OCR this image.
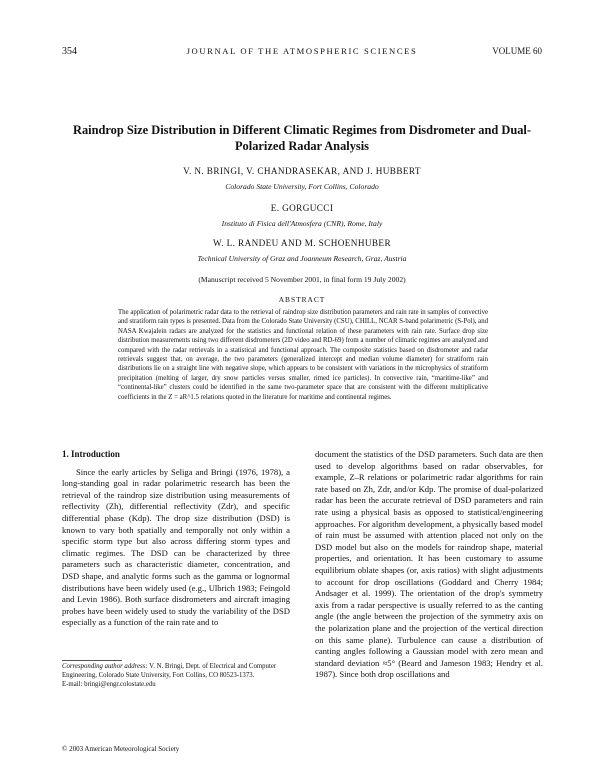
354	JOURNAL OF THE ATMOSPHERIC SCIENCES	VOLUME 60
Raindrop Size Distribution in Different Climatic Regimes from Disdrometer and Dual-Polarized Radar Analysis
V. N. BRINGI, V. CHANDRASEKAR, AND J. HUBBERT
Colorado State University, Fort Collins, Colorado
E. GORGUCCI
Instituto di Fisica dell'Atmosfera (CNR), Rome, Italy
W. L. RANDEU AND M. SCHOENHUBER
Technical University of Graz and Joanneum Research, Graz, Austria
(Manuscript received 5 November 2001, in final form 19 July 2002)
ABSTRACT
The application of polarimetric radar data to the retrieval of raindrop size distribution parameters and rain rate in samples of convective and stratiform rain types is presented. Data from the Colorado State University (CSU), CHILL, NCAR S-band polarimetric (S-Pol), and NASA Kwajalein radars are analyzed for the statistics and functional relation of these parameters with rain rate. Surface drop size distribution measurements using two different disdrometers (2D video and RD-69) from a number of climatic regimes are analyzed and compared with the radar retrievals in a statistical and functional approach. The composite statistics based on disdrometer and radar retrievals suggest that, on average, the two parameters (generalized intercept and median volume diameter) for stratiform rain distributions lie on a straight line with negative slope, which appears to be consistent with variations in the microphysics of stratiform precipitation (melting of larger, dry snow particles versus smaller, rimed ice particles). In convective rain, “maritime-like” and “continental-like” clusters could be identified in the same two-parameter space that are consistent with the different multiplicative coefficients in the Z = aR^1.5 relations quoted in the literature for maritime and continental regimes.
1. Introduction

Since the early articles by Seliga and Bringi (1976, 1978), a long-standing goal in radar polarimetric research has been the retrieval of the raindrop size distribution using measurements of reflectivity (Zh), differential reflectivity (Zdr), and specific differential phase (Kdp). The drop size distribution (DSD) is known to vary both spatially and temporally not only within a specific storm type but also across differing storm types and climatic regimes. The DSD can be characterized by three parameters such as characteristic diameter, concentration, and DSD shape, and analytic forms such as the gamma or lognormal distributions have been widely used (e.g., Ulbrich 1983; Feingold and Levin 1986). Both surface disdrometers and aircraft imaging probes have been widely used to study the variability of the DSD especially as a function of the rain rate and to

document the statistics of the DSD parameters. Such data are then used to develop algorithms based on radar observables, for example, Z–R relations or polarimetric radar algorithms for rain rate based on Zh, Zdr, and/or Kdp. The promise of dual-polarized radar has been the accurate retrieval of DSD parameters and rain rate using a physical basis as opposed to statistical/engineering approaches. For algorithm development, a physically based model of rain must be assumed with attention placed not only on the DSD model but also on the models for raindrop shape, material properties, and orientation. It has been customary to assume equilibrium oblate shapes (or, axis ratios) with slight adjustments to account for drop oscillations (Goddard and Cherry 1984; Andsager et al. 1999). The orientation of the drop's symmetry axis from a radar perspective is usually referred to as the canting angle (the angle between the projection of the symmetry axis on the polarization plane and the projection of the vertical direction on this same plane). Turbulence can cause a distribution of canting angles following a Gaussian model with zero mean and standard deviation ≈5° (Beard and Jameson 1983; Hendry et al. 1987). Since both drop oscillations and

Corresponding author address: V. N. Bringi, Dept. of Electrical and Computer Engineering, Colorado State University, Fort Collins, CO 80523-1373.
E-mail: bringi@engr.colostate.edu
© 2003 American Meteorological Society
